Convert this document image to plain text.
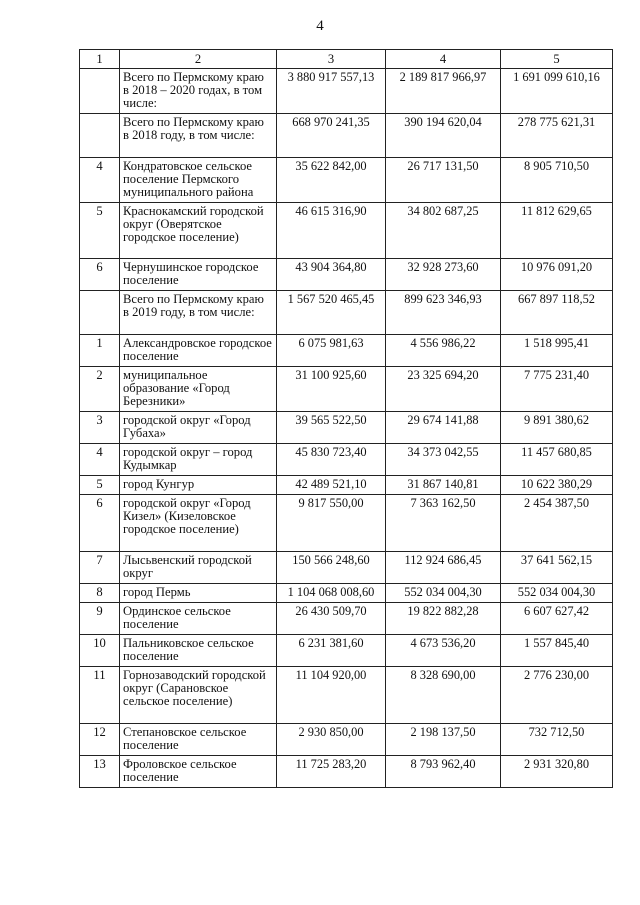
4
1	2	3	4	5
	Всего по Пермскому краю в 2018 – 2020 годах, в том числе:	3 880 917 557,13	2 189 817 966,97	1 691 099 610,16
	Всего по Пермскому краю в 2018 году, в том числе:	668 970 241,35	390 194 620,04	278 775 621,31
4	Кондратовское сельское поселение Пермского муниципального района	35 622 842,00	26 717 131,50	8 905 710,50
5	Краснокамский городской округ (Оверятское городское поселение)	46 615 316,90	34 802 687,25	11 812 629,65
6	Чернушинское городское поселение	43 904 364,80	32 928 273,60	10 976 091,20
	Всего по Пермскому краю в 2019 году, в том числе:	1 567 520 465,45	899 623 346,93	667 897 118,52
1	Александровское городское поселение	6 075 981,63	4 556 986,22	1 518 995,41
2	муниципальное образование «Город Березники»	31 100 925,60	23 325 694,20	7 775 231,40
3	городской округ «Город Губаха»	39 565 522,50	29 674 141,88	9 891 380,62
4	городской округ – город Кудымкар	45 830 723,40	34 373 042,55	11 457 680,85
5	город Кунгур	42 489 521,10	31 867 140,81	10 622 380,29
6	городской округ «Город Кизел» (Кизеловское городское поселение)	9 817 550,00	7 363 162,50	2 454 387,50
7	Лысьвенский городской округ	150 566 248,60	112 924 686,45	37 641 562,15
8	город Пермь	1 104 068 008,60	552 034 004,30	552 034 004,30
9	Ординское сельское поселение	26 430 509,70	19 822 882,28	6 607 627,42
10	Пальниковское сельское поселение	6 231 381,60	4 673 536,20	1 557 845,40
11	Горнозаводский городской округ (Сарановское сельское поселение)	11 104 920,00	8 328 690,00	2 776 230,00
12	Степановское сельское поселение	2 930 850,00	2 198 137,50	732 712,50
13	Фроловское сельское поселение	11 725 283,20	8 793 962,40	2 931 320,80
